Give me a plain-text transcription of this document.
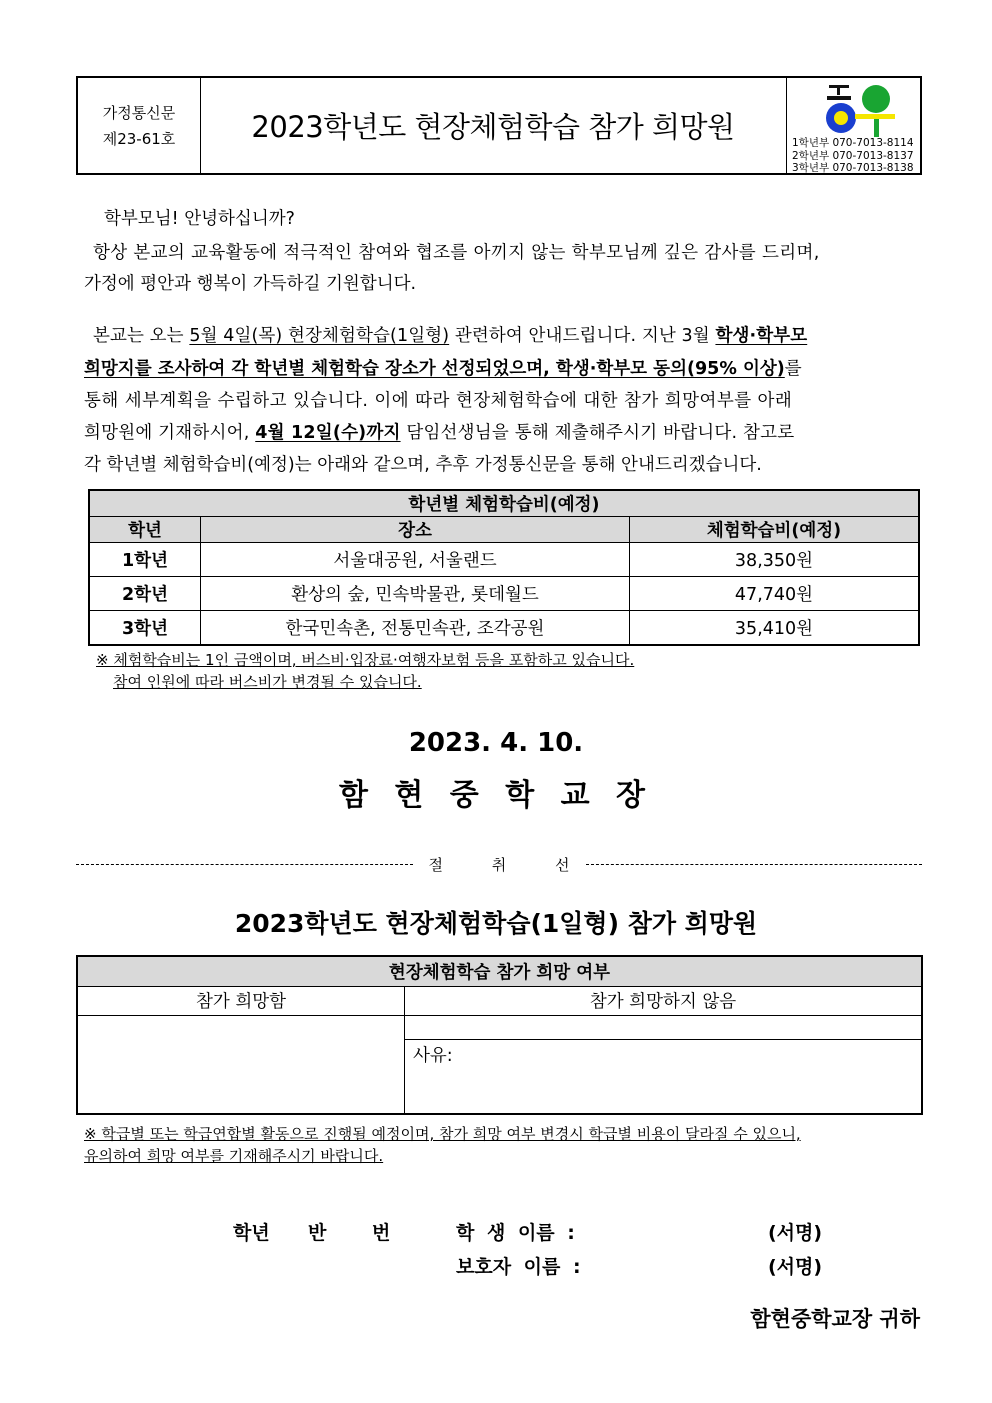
가정통신문
제23-61호	2023학년도 현장체험학습 참가 희망원	1학년부 070-7013-8114
2학년부 070-7013-8137
3학년부 070-7013-8138
학부모님! 안녕하십니까?
항상 본교의 교육활동에 적극적인 참여와 협조를 아끼지 않는 학부모님께 깊은 감사를 드리며,
가정에 평안과 행복이 가득하길 기원합니다.
본교는 오는 5월 4일(목) 현장체험학습(1일형) 관련하여 안내드립니다. 지난 3월 학생·학부모
희망지를 조사하여 각 학년별 체험학습 장소가 선정되었으며, 학생·학부모 동의(95% 이상)를
통해 세부계획을 수립하고 있습니다. 이에 따라 현장체험학습에 대한 참가 희망여부를 아래
희망원에 기재하시어, 4월 12일(수)까지 담임선생님을 통해 제출해주시기 바랍니다. 참고로
각 학년별 체험학습비(예정)는 아래와 같으며, 추후 가정통신문을 통해 안내드리겠습니다.
학년별 체험학습비(예정)		
학년	장소	체험학습비(예정)
1학년	서울대공원, 서울랜드	38,350원
2학년	환상의 숲, 민속박물관, 롯데월드	47,740원
3학년	한국민속촌, 전통민속관, 조각공원	35,410원
※ 체험학습비는 1인 금액이며, 버스비·입장료·여행자보험 등을 포함하고 있습니다.
참여 인원에 따라 버스비가 변경될 수 있습니다.
2023. 4. 10.
함 현 중 학 교 장
절 취 선
2023학년도 현장체험학습(1일형) 참가 희망원
현장체험학습 참가 희망 여부	
참가 희망함	참가 희망하지 않음

	사유:
※ 학급별 또는 학급연합별 활동으로 진행될 예정이며, 참가 희망 여부 변경시 학급별 비용이 달라질 수 있으니,
유의하여 희망 여부를 기재해주시기 바랍니다.
학년 반 번	학 생 이름 :	(서명)
보호자 이름 :	(서명)
함현중학교장 귀하
